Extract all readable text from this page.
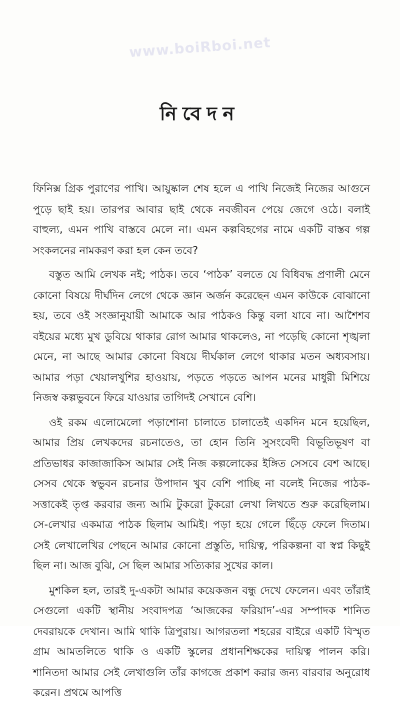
www.boiRboi.net
নিবেদন

ফিনিক্স গ্রিক পুরাণের পাখি। আয়ুষ্কাল শেষ হলে এ পাখি নিজেই নিজের আগুনে পুড়ে ছাই হয়। তারপর আবার ছাই থেকে নবজীবন পেয়ে জেগে ওঠে। বলাই বাহুল্য, এমন পাখি বাস্তবে মেলে না। এমন কল্পবিহগের নামে একটি বাস্তব গল্প সংকলনের নামকরণ করা হল কেন তবে?

বস্তুত আমি লেখক নই; পাঠক। তবে ‘পাঠক’ বলতে যে বিধিবদ্ধ প্রণালী মেনে কোনো বিষয়ে দীর্ঘদিন লেগে থেকে জ্ঞান অর্জন করেছেন এমন কাউকে বোঝানো হয়, তবে ওই সংজ্ঞানুযায়ী আমাকে আর পাঠকও কিন্তু বলা যাবে না। আশৈশব বইয়ের মধ্যে মুখ ডুবিয়ে থাকার রোগ আমার থাকলেও, না পড়েছি কোনো শৃঙ্খলা মেনে, না আছে আমার কোনো বিষয়ে দীর্ঘকাল লেগে থাকার মতন অধ্যবসায়। আমার পড়া খেয়ালখুশির হাওয়ায়, পড়তে পড়তে আপন মনের মাধুরী মিশিয়ে নিজস্ব কল্পভুবনে ফিরে যাওয়ার তাগিদই সেখানে বেশি।

ওই রকম এলোমেলো পড়াশোনা চালাতে চালাতেই একদিন মনে হয়েছিল, আমার প্রিয় লেখকদের রচনাতেও, তা হোন তিনি সুসংবেদী বিভূতিভূষণ বা প্রতিভাধর কাজাজাকিস আমার সেই নিজ কল্পলোকের ইঙ্গিত সেসবে বেশ আছে। সেসব থেকে স্বভুবন রচনার উপাদান খুব বেশি পাচ্ছি না বলেই নিজের পাঠক-সত্তাকেই তৃপ্ত করবার জন্য আমি টুকরো টুকরো লেখা লিখতে শুরু করেছিলাম। সে-লেখার একমাত্র পাঠক ছিলাম আমিই। পড়া হয়ে গেলে ছিঁড়ে ফেলে দিতাম। সেই লেখালেখির পেছনে আমার কোনো প্রস্তুতি, দায়িত্ব, পরিকল্পনা বা স্বপ্ন কিছুই ছিল না। আজ বুঝি, সে ছিল আমার সত্যিকার সুখের কাল।

মুশকিল হল, তারই দু-একটা আমার কয়েকজন বন্ধু দেখে ফেলেন। এবং তাঁরাই সেগুলো একটি স্থানীয় সংবাদপত্র ‘আজকের ফরিয়াদ’-এর সম্পাদক শানিত দেবরায়কে দেখান। আমি থাকি ত্রিপুরায়। আগরতলা শহরের বাইরে একটি বিস্মৃত গ্রাম আমতলিতে থাকি ও একটি স্কুলের প্রধানশিক্ষকের দায়িত্ব পালন করি। শানিতদা আমার সেই লেখাগুলি তাঁর কাগজে প্রকাশ করার জন্য বারবার অনুরোধ করেন। প্রথমে আপত্তি
